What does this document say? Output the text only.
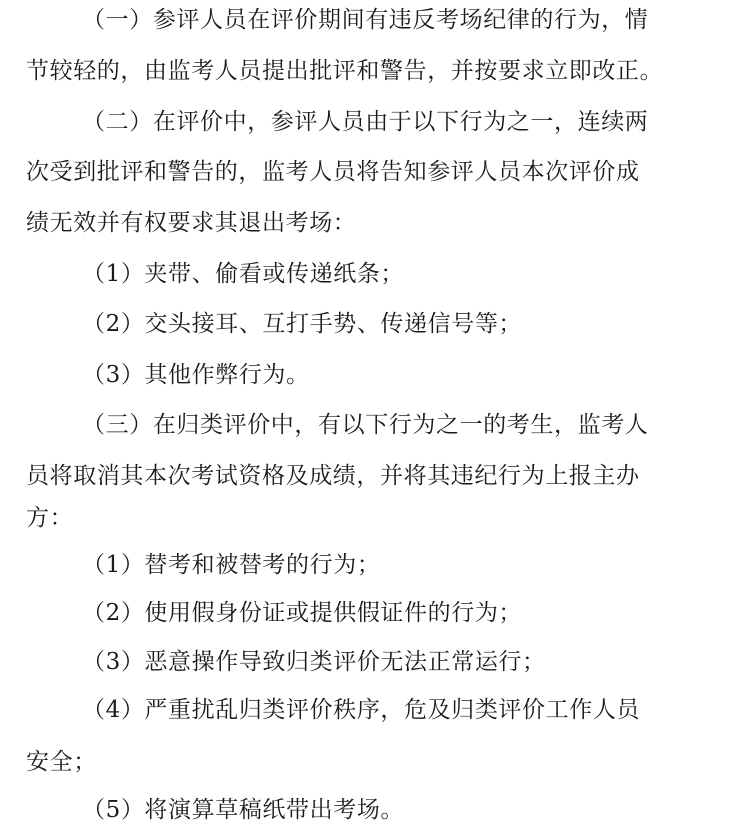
（一）参评人员在评价期间有违反考场纪律的行为，情
节较轻的，由监考人员提出批评和警告，并按要求立即改正。
（二）在评价中，参评人员由于以下行为之一，连续两
次受到批评和警告的，监考人员将告知参评人员本次评价成
绩无效并有权要求其退出考场：
（1）夹带、偷看或传递纸条；
（2）交头接耳、互打手势、传递信号等；
（3）其他作弊行为。
（三）在归类评价中，有以下行为之一的考生，监考人
员将取消其本次考试资格及成绩，并将其违纪行为上报主办
方：
（1）替考和被替考的行为；
（2）使用假身份证或提供假证件的行为；
（3）恶意操作导致归类评价无法正常运行；
（4）严重扰乱归类评价秩序，危及归类评价工作人员
安全；
（5）将演算草稿纸带出考场。
